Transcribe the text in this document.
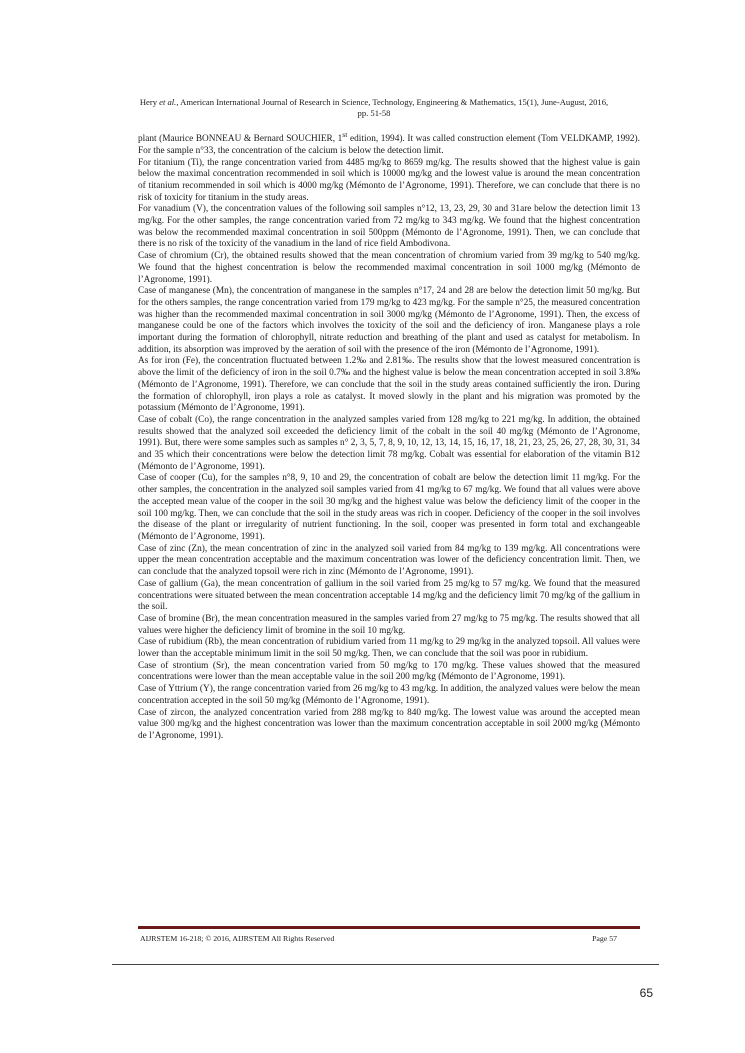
Hery et al., American International Journal of Research in Science, Technology, Engineering & Mathematics, 15(1), June-August, 2016,
pp. 51-58

plant (Maurice BONNEAU & Bernard SOUCHIER, 1st edition, 1994). It was called construction element (Tom VELDKAMP, 1992). For the sample n°33, the concentration of the calcium is below the detection limit.

For titanium (Ti), the range concentration varied from 4485 mg/kg to 8659 mg/kg. The results showed that the highest value is gain below the maximal concentration recommended in soil which is 10000 mg/kg and the lowest value is around the mean concentration of titanium recommended in soil which is 4000 mg/kg (Mémonto de l’Agronome, 1991). Therefore, we can conclude that there is no risk of toxicity for titanium in the study areas.

For vanadium (V), the concentration values of the following soil samples n°12, 13, 23, 29, 30 and 31are below the detection limit 13 mg/kg. For the other samples, the range concentration varied from 72 mg/kg to 343 mg/kg. We found that the highest concentration was below the recommended maximal concentration in soil 500ppm (Mémonto de l’Agronome, 1991). Then, we can conclude that there is no risk of the toxicity of the vanadium in the land of rice field Ambodivona.

Case of chromium (Cr), the obtained results showed that the mean concentration of chromium varied from 39 mg/kg to 540 mg/kg. We found that the highest concentration is below the recommended maximal concentration in soil 1000 mg/kg (Mémonto de l’Agronome, 1991).

Case of manganese (Mn), the concentration of manganese in the samples n°17, 24 and 28 are below the detection limit 50 mg/kg. But for the others samples, the range concentration varied from 179 mg/kg to 423 mg/kg. For the sample n°25, the measured concentration was higher than the recommended maximal concentration in soil 3000 mg/kg (Mémonto de l’Agronome, 1991). Then, the excess of manganese could be one of the factors which involves the toxicity of the soil and the deficiency of iron. Manganese plays a role important during the formation of chlorophyll, nitrate reduction and breathing of the plant and used as catalyst for metabolism. In addition, its absorption was improved by the aeration of soil with the presence of the iron (Mémonto de l’Agronome, 1991).

As for iron (Fe), the concentration fluctuated between 1.2‰ and 2.81‰. The results show that the lowest measured concentration is above the limit of the deficiency of iron in the soil 0.7‰ and the highest value is below the mean concentration accepted in soil 3.8‰ (Mémonto de l’Agronome, 1991). Therefore, we can conclude that the soil in the study areas contained sufficiently the iron. During the formation of chlorophyll, iron plays a role as catalyst. It moved slowly in the plant and his migration was promoted by the potassium (Mémonto de l’Agronome, 1991).

Case of cobalt (Co), the range concentration in the analyzed samples varied from 128 mg/kg to 221 mg/kg. In addition, the obtained results showed that the analyzed soil exceeded the deficiency limit of the cobalt in the soil 40 mg/kg (Mémonto de l’Agronome, 1991). But, there were some samples such as samples n° 2, 3, 5, 7, 8, 9, 10, 12, 13, 14, 15, 16, 17, 18, 21, 23, 25, 26, 27, 28, 30, 31, 34 and 35 which their concentrations were below the detection limit 78 mg/kg. Cobalt was essential for elaboration of the vitamin B12 (Mémonto de l’Agronome, 1991).

Case of cooper (Cu), for the samples n°8, 9, 10 and 29, the concentration of cobalt are below the detection limit 11 mg/kg. For the other samples, the concentration in the analyzed soil samples varied from 41 mg/kg to 67 mg/kg. We found that all values were above the accepted mean value of the cooper in the soil 30 mg/kg and the highest value was below the deficiency limit of the cooper in the soil 100 mg/kg. Then, we can conclude that the soil in the study areas was rich in cooper. Deficiency of the cooper in the soil involves the disease of the plant or irregularity of nutrient functioning. In the soil, cooper was presented in form total and exchangeable (Mémonto de l’Agronome, 1991).

Case of zinc (Zn), the mean concentration of zinc in the analyzed soil varied from 84 mg/kg to 139 mg/kg. All concentrations were upper the mean concentration acceptable and the maximum concentration was lower of the deficiency concentration limit. Then, we can conclude that the analyzed topsoil were rich in zinc (Mémonto de l’Agronome, 1991).

Case of gallium (Ga), the mean concentration of gallium in the soil varied from 25 mg/kg to 57 mg/kg. We found that the measured concentrations were situated between the mean concentration acceptable 14 mg/kg and the deficiency limit 70 mg/kg of the gallium in the soil.

Case of bromine (Br), the mean concentration measured in the samples varied from 27 mg/kg to 75 mg/kg. The results showed that all values were higher the deficiency limit of bromine in the soil 10 mg/kg.

Case of rubidium (Rb), the mean concentration of rubidium varied from 11 mg/kg to 29 mg/kg in the analyzed topsoil. All values were lower than the acceptable minimum limit in the soil 50 mg/kg. Then, we can conclude that the soil was poor in rubidium.

Case of strontium (Sr), the mean concentration varied from 50 mg/kg to 170 mg/kg. These values showed that the measured concentrations were lower than the mean acceptable value in the soil 200 mg/kg (Mémonto de l’Agronome, 1991).

Case of Yttrium (Y), the range concentration varied from 26 mg/kg to 43 mg/kg. In addition, the analyzed values were below the mean concentration accepted in the soil 50 mg/kg (Mémonto de l’Agronome, 1991).

Case of zircon, the analyzed concentration varied from 288 mg/kg to 840 mg/kg. The lowest value was around the accepted mean value 300 mg/kg and the highest concentration was lower than the maximum concentration acceptable in soil 2000 mg/kg (Mémonto de l’Agronome, 1991).

AIJRSTEM 16-218; © 2016, AIJRSTEM All Rights Reserved	Page 57
65
